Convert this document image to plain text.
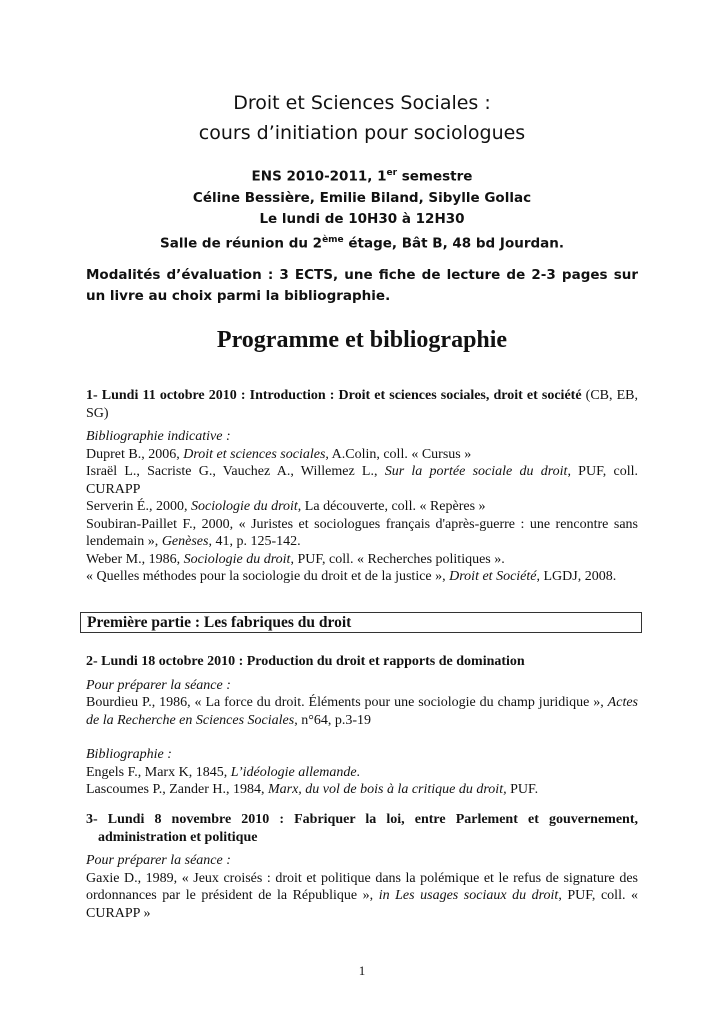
Droit et Sciences Sociales :
cours d’initiation pour sociologues
ENS 2010-2011, 1er semestre
Céline Bessière, Emilie Biland, Sibylle Gollac
Le lundi de 10H30 à 12H30
Salle de réunion du 2ème étage, Bât B, 48 bd Jourdan.
Modalités d’évaluation : 3 ECTS, une fiche de lecture de 2-3 pages sur un livre au choix parmi la bibliographie.
Programme et bibliographie
1- Lundi 11 octobre 2010 : Introduction : Droit et sciences sociales, droit et société (CB, EB, SG)
Bibliographie indicative :
Dupret B., 2006, Droit et sciences sociales, A.Colin, coll. « Cursus »
Israël L., Sacriste G., Vauchez A., Willemez L., Sur la portée sociale du droit, PUF, coll. CURAPP
Serverin É., 2000, Sociologie du droit, La découverte, coll. « Repères »
Soubiran-Paillet F., 2000, « Juristes et sociologues français d'après-guerre : une rencontre sans lendemain », Genèses, 41, p. 125-142.
Weber M., 1986, Sociologie du droit, PUF, coll. « Recherches politiques ».
« Quelles méthodes pour la sociologie du droit et de la justice », Droit et Société, LGDJ, 2008.
Première partie : Les fabriques du droit
2- Lundi 18 octobre 2010 : Production du droit et rapports de domination
Pour préparer la séance :
Bourdieu P., 1986, « La force du droit. Éléments pour une sociologie du champ juridique », Actes de la Recherche en Sciences Sociales, n°64, p.3-19
Bibliographie :
Engels F., Marx K, 1845, L’idéologie allemande.
Lascoumes P., Zander H., 1984, Marx, du vol de bois à la critique du droit, PUF.
3- Lundi 8 novembre 2010 : Fabriquer la loi, entre Parlement et gouvernement,
administration et politique
Pour préparer la séance :
Gaxie D., 1989, « Jeux croisés : droit et politique dans la polémique et le refus de signature des ordonnances par le président de la République », in Les usages sociaux du droit, PUF, coll. « CURAPP »
1
